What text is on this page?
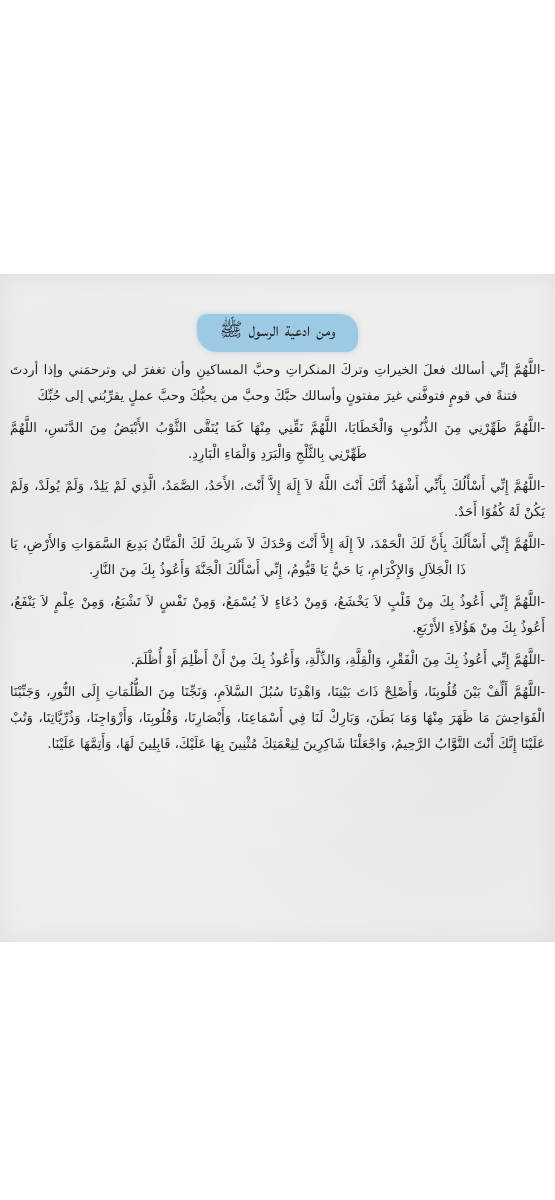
ومن ادعية الرسول ﷺ

-اللَّهُمَّ إنِّي أسالك فعلَ الخيراتِ وتركَ المنكراتِ وحبَّ المساكينِ وأن تغفرَ لي وترحمَني وإذا أردتَ فتنةً في قومٍ فتوفَّني غيرَ مفتونٍ وأسالك حبَّكَ وحبَّ من يحبُّكَ وحبَّ عملٍ يقرِّبُني إلى حُبِّكَ

-اللَّهُمَّ طَهِّرْنِي مِنَ الذُّنُوبِ وَالْخَطَايَا، اللَّهُمَّ نَقِّنِي مِنْهَا كَمَا يُنَقَّى الثَّوْبُ الأَبْيَضُ مِنَ الدَّنَسِ، اللَّهُمَّ طَهِّرْنِي بِالثَّلْجِ وَالْبَرَدِ وَالْمَاءِ الْبَارِدِ.

-اللَّهُمَّ إِنِّي أَسْأَلُكَ بِأَنِّي أَشْهَدُ أَنَّكَ أَنْتَ اللَّهُ لاَ إِلَهَ إِلاَّ أَنْتَ، الأَحَدُ، الصَّمَدُ، الَّذِي لَمْ يَلِدْ، وَلَمْ يُولَدْ، وَلَمْ يَكُنْ لَهُ كُفُوًا أَحَدٌ.

-اللَّهُمَّ إِنِّي أَسْأَلُكَ بِأَنَّ لَكَ الْحَمْدَ، لاَ إِلَهَ إِلاَّ أَنْتَ وَحْدَكَ لاَ شَرِيكَ لَكَ الْمَنَّانُ بَدِيعَ السَّمَوَاتِ وَالأَرْضِ، يَا ذَا الْجَلاَلِ وَالإِكْرَامِ، يَا حَيُّ يَا قَيُّومُ، إِنِّي أَسْأَلُكَ الْجَنَّةَ وَأَعُوذُ بِكَ مِنَ النَّارِ.

-اللَّهُمَّ إِنِّي أَعُوذُ بِكَ مِنْ قَلْبٍ لاَ يَخْشَعُ، وَمِنْ دُعَاءٍ لاَ يُسْمَعُ، وَمِنْ نَفْسٍ لاَ تَشْبَعُ، وَمِنْ عِلْمٍ لاَ يَنْفَعُ، أَعُوذُ بِكَ مِنْ هَؤُلاَءِ الأَرْبَعِ.

-اللَّهُمَّ إِنِّي أَعُوذُ بِكَ مِنَ الْفَقْرِ، وَالْقِلَّةِ، وَالذِّلَّةِ، وَأَعُوذُ بِكَ مِنْ أَنْ أَظْلِمَ أَوْ أُظْلَمَ.

-اللَّهُمَّ أَلِّفْ بَيْنَ قُلُوبِنَا، وَأَصْلِحْ ذَاتَ بَيْنِنَا، وَاهْدِنَا سُبُلَ السَّلاَمِ، وَنَجِّنَا مِنَ الظُّلُمَاتِ إِلَى النُّورِ، وَجَنِّبْنَا الْفَوَاحِشَ مَا ظَهَرَ مِنْهَا وَمَا بَطَنَ، وَبَارِكْ لَنَا فِي أَسْمَاعِنَا، وَأَبْصَارِنَا، وَقُلُوبِنَا، وَأَزْوَاجِنَا، وَذُرِّيَّاتِنَا، وَتُبْ عَلَيْنَا إِنَّكَ أَنْتَ التَّوَّابُ الرَّحِيمُ، وَاجْعَلْنَا شَاكِرِينَ لِنِعْمَتِكَ مُثْنِينَ بِهَا عَلَيْكَ، قَابِلِينَ لَهَا، وَأَتِمَّهَا عَلَيْنَا.
